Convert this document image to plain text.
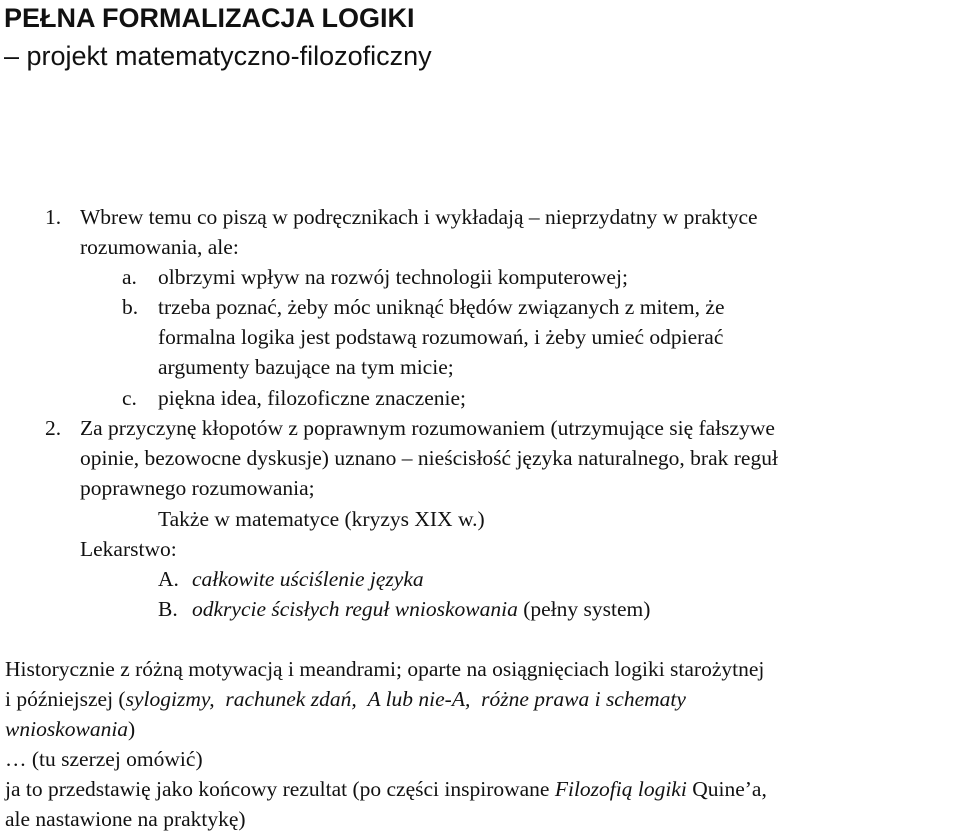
PEŁNA FORMALIZACJA LOGIKI
– projekt matematyczno-filozoficzny
1. Wbrew temu co piszą w podręcznikach i wykładają – nieprzydatny w praktyce
rozumowania, ale:
a. olbrzymi wpływ na rozwój technologii komputerowej;
b. trzeba poznać, żeby móc uniknąć błędów związanych z mitem, że
formalna logika jest podstawą rozumowań, i żeby umieć odpierać
argumenty bazujące na tym micie;
c. piękna idea, filozoficzne znaczenie;
2. Za przyczynę kłopotów z poprawnym rozumowaniem (utrzymujące się fałszywe
opinie, bezowocne dyskusje) uznano – nieścisłość języka naturalnego, brak reguł
poprawnego rozumowania;
Także w matematyce (kryzys XIX w.)
Lekarstwo:
A. całkowite uściślenie języka
B. odkrycie ścisłych reguł wnioskowania (pełny system)
Historycznie z różną motywacją i meandrami; oparte na osiągnięciach logiki starożytnej
i późniejszej (sylogizmy, rachunek zdań, A lub nie-A, różne prawa i schematy
wnioskowania)
… (tu szerzej omówić)
ja to przedstawię jako końcowy rezultat (po części inspirowane Filozofią logiki Quine’a,
ale nastawione na praktykę)
